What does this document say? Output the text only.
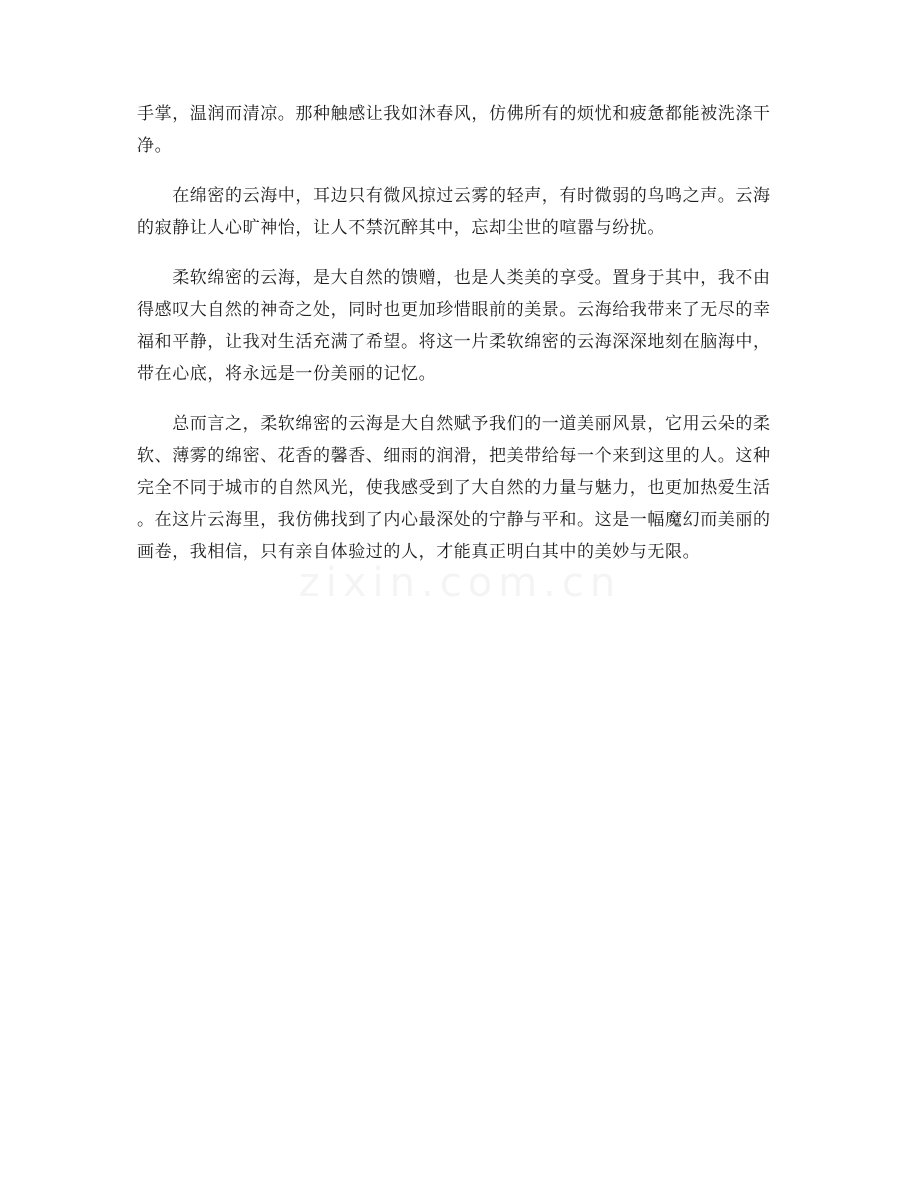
手掌，温润而清凉。那种触感让我如沐春风，仿佛所有的烦忧和疲惫都能被洗涤干
净。
　　在绵密的云海中，耳边只有微风掠过云雾的轻声，有时微弱的鸟鸣之声。云海
的寂静让人心旷神怡，让人不禁沉醉其中，忘却尘世的喧嚣与纷扰。
　　柔软绵密的云海，是大自然的馈赠，也是人类美的享受。置身于其中，我不由
得感叹大自然的神奇之处，同时也更加珍惜眼前的美景。云海给我带来了无尽的幸
福和平静，让我对生活充满了希望。将这一片柔软绵密的云海深深地刻在脑海中，
带在心底，将永远是一份美丽的记忆。
　　总而言之，柔软绵密的云海是大自然赋予我们的一道美丽风景，它用云朵的柔
软、薄雾的绵密、花香的馨香、细雨的润滑，把美带给每一个来到这里的人。这种
完全不同于城市的自然风光，使我感受到了大自然的力量与魅力，也更加热爱生活
。在这片云海里，我仿佛找到了内心最深处的宁静与平和。这是一幅魔幻而美丽的
画卷，我相信，只有亲自体验过的人，才能真正明白其中的美妙与无限。
